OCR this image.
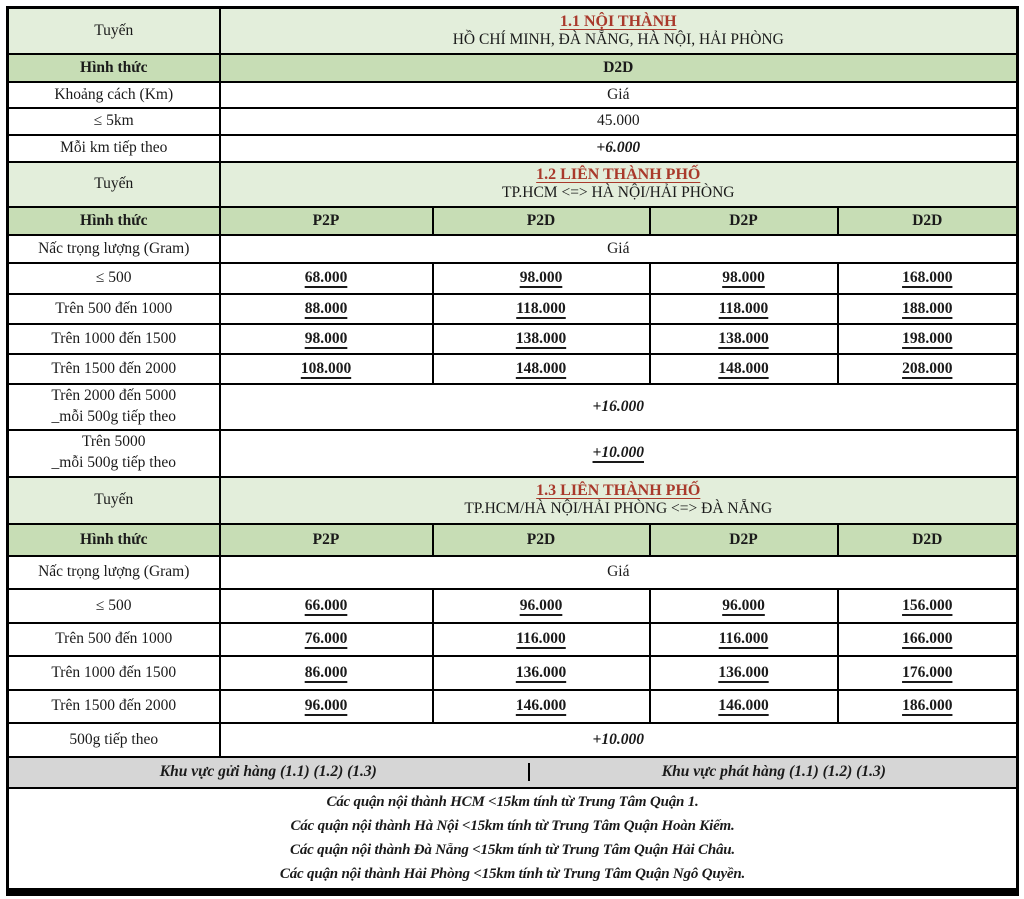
Tuyến	1.1 NỘI THÀNH
HỒ CHÍ MINH, ĐÀ NẴNG, HÀ NỘI, HẢI PHÒNG			

Hình thức	D2D			
Khoảng cách (Km)	Giá			
≤ 5km	45.000			
Mỗi km tiếp theo	+6.000			
Tuyến	1.2 LIÊN THÀNH PHỐ
TP.HCM <=> HÀ NỘI/HẢI PHÒNG			

Hình thức	P2P	P2D	D2P	D2D
Nấc trọng lượng (Gram)	Giá			
≤ 500	68.000	98.000	98.000	168.000
Trên 500 đến 1000	88.000	118.000	118.000	188.000
Trên 1000 đến 1500	98.000	138.000	138.000	198.000
Trên 1500 đến 2000	108.000	148.000	148.000	208.000

Trên 2000 đến 5000
_mỗi 500g tiếp theo	+16.000			

Trên 5000
_mỗi 500g tiếp theo	+10.000			
Tuyến	1.3 LIÊN THÀNH PHỐ
TP.HCM/HÀ NỘI/HẢI PHÒNG <=> ĐÀ NẴNG			

Hình thức	P2P	P2D	D2P	D2D
Nấc trọng lượng (Gram)	Giá			
≤ 500	66.000	96.000	96.000	156.000
Trên 500 đến 1000	76.000	116.000	116.000	166.000
Trên 1000 đến 1500	86.000	136.000	136.000	176.000
Trên 1500 đến 2000	96.000	146.000	146.000	186.000
500g tiếp theo	+10.000			

Khu vực gửi hàng (1.1) (1.2) (1.3) Khu vực phát hàng (1.1) (1.2) (1.3)				

Các quận nội thành HCM <15km tính từ Trung Tâm Quận 1.
Các quận nội thành Hà Nội <15km tính từ Trung Tâm Quận Hoàn Kiếm.
Các quận nội thành Đà Nẵng <15km tính từ Trung Tâm Quận Hải Châu.
Các quận nội thành Hải Phòng <15km tính từ Trung Tâm Quận Ngô Quyền.				
